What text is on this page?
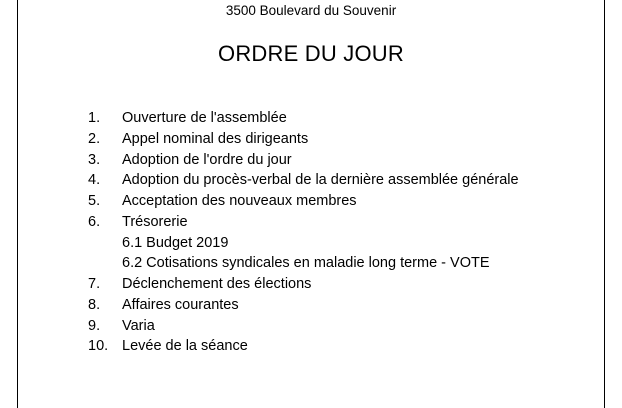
3500 Boulevard du Souvenir
ORDRE DU JOUR
1. Ouverture de l'assemblée
2. Appel nominal des dirigeants
3. Adoption de l'ordre du jour
4. Adoption du procès-verbal de la dernière assemblée générale
5. Acceptation des nouveaux membres
6. Trésorerie
6.1 Budget 2019
6.2 Cotisations syndicales en maladie long terme - VOTE
7. Déclenchement des élections
8. Affaires courantes
9. Varia
10. Levée de la séance
